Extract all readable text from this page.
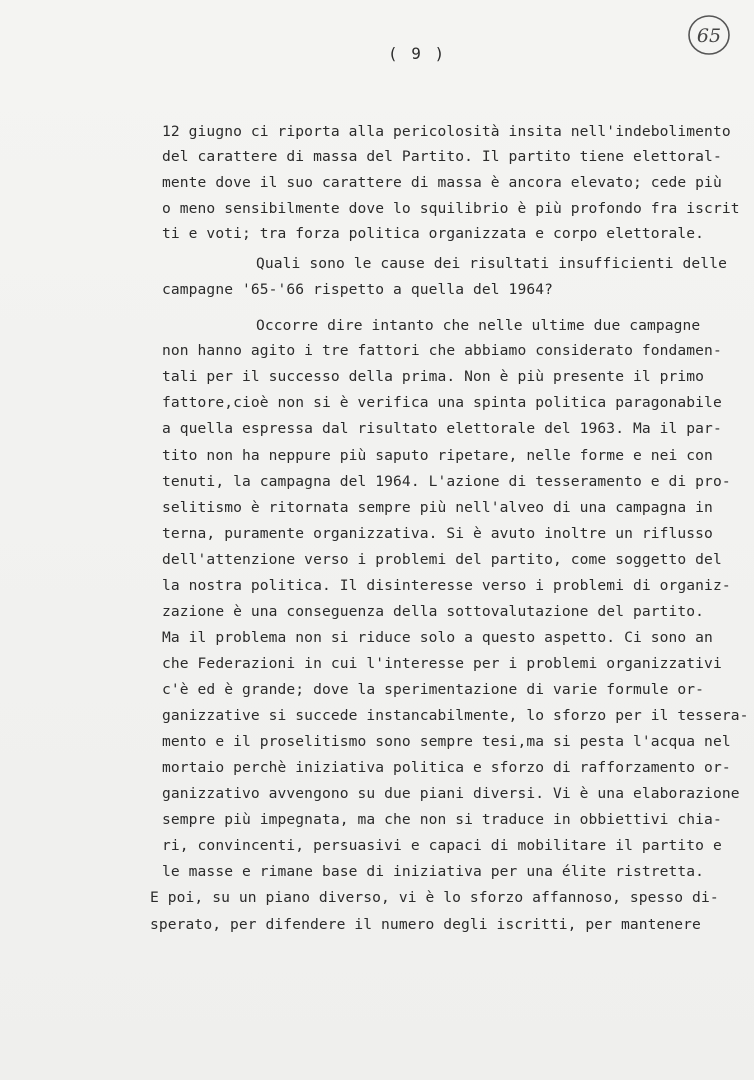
( 9 )
65
12 giugno ci riporta alla pericolosità insita nell'indebolimento
del carattere di massa del Partito. Il partito tiene elettoral-
mente dove il suo carattere di massa è ancora elevato; cede più
o meno sensibilmente dove lo squilibrio è più profondo fra iscrit
ti e voti; tra forza politica organizzata e corpo elettorale.
Quali sono le cause dei risultati insufficienti delle
campagne '65-'66 rispetto a quella del 1964?
Occorre dire intanto che nelle ultime due campagne
non hanno agito i tre fattori che abbiamo considerato fondamen-
tali per il successo della prima. Non è più presente il primo
fattore,cioè non si è verifica una spinta politica paragonabile
a quella espressa dal risultato elettorale del 1963. Ma il par-
tito non ha neppure più saputo ripetare, nelle forme e nei con
tenuti, la campagna del 1964. L'azione di tesseramento e di pro-
selitismo è ritornata sempre più nell'alveo di una campagna in
terna, puramente organizzativa. Si è avuto inoltre un riflusso
dell'attenzione verso i problemi del partito, come soggetto del
la nostra politica. Il disinteresse verso i problemi di organiz-
zazione è una conseguenza della sottovalutazione del partito.
Ma il problema non si riduce solo a questo aspetto. Ci sono an
che Federazioni in cui l'interesse per i problemi organizzativi
c'è ed è grande; dove la sperimentazione di varie formule or-
ganizzative si succede instancabilmente, lo sforzo per il tessera-
mento e il proselitismo sono sempre tesi,ma si pesta l'acqua nel
mortaio perchè iniziativa politica e sforzo di rafforzamento or-
ganizzativo avvengono su due piani diversi. Vi è una elaborazione
sempre più impegnata, ma che non si traduce in obbiettivi chia-
ri, convincenti, persuasivi e capaci di mobilitare il partito e
le masse e rimane base di iniziativa per una élite ristretta.
E poi, su un piano diverso, vi è lo sforzo affannoso, spesso di-
sperato, per difendere il numero degli iscritti, per mantenere
